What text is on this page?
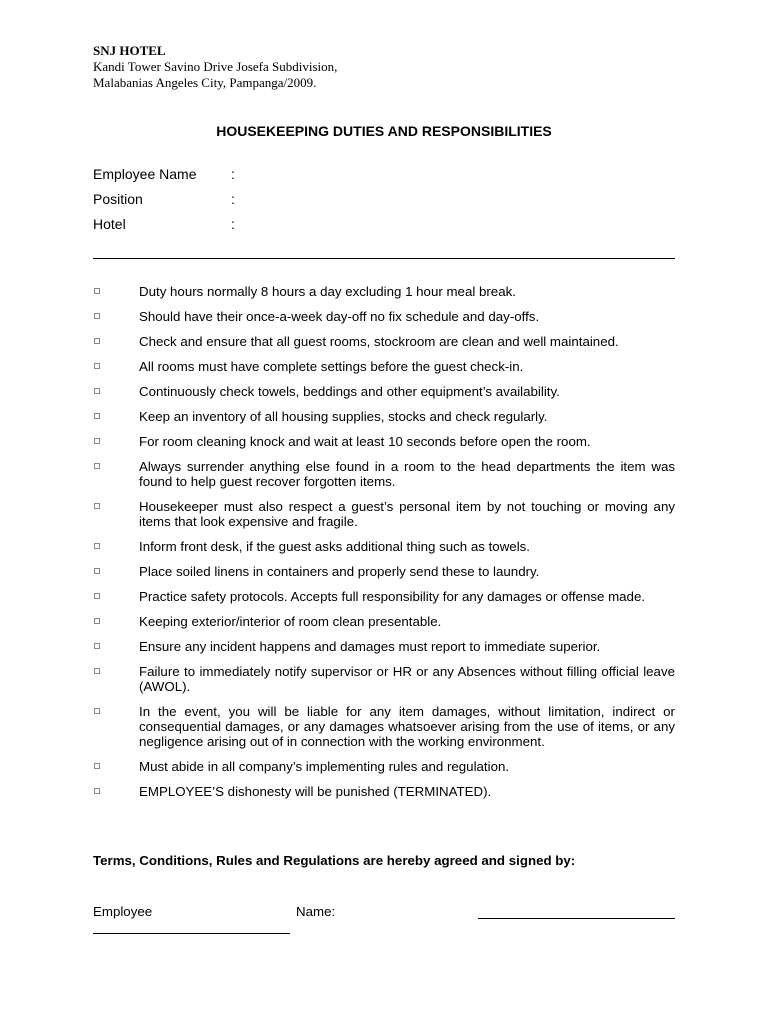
SNJ HOTEL
Kandi Tower Savino Drive Josefa Subdivision,
Malabanias Angeles City, Pampanga/2009.
HOUSEKEEPING DUTIES AND RESPONSIBILITIES
Employee Name :
Position	:
Hotel	:
Duty hours normally 8 hours a day excluding 1 hour meal break.
Should have their once-a-week day-off no fix schedule and day-offs.
Check and ensure that all guest rooms, stockroom are clean and well maintained.
All rooms must have complete settings before the guest check-in.
Continuously check towels, beddings and other equipment’s availability.
Keep an inventory of all housing supplies, stocks and check regularly.
For room cleaning knock and wait at least 10 seconds before open the room.
Always surrender anything else found in a room to the head departments the item was found to help guest recover forgotten items.
Housekeeper must also respect a guest’s personal item by not touching or moving any items that look expensive and fragile.
Inform front desk, if the guest asks additional thing such as towels.
Place soiled linens in containers and properly send these to laundry.
Practice safety protocols. Accepts full responsibility for any damages or offense made.
Keeping exterior/interior of room clean presentable.
Ensure any incident happens and damages must report to immediate superior.
Failure to immediately notify supervisor or HR or any Absences without filling official leave (AWOL).
In the event, you will be liable for any item damages, without limitation, indirect or consequential damages, or any damages whatsoever arising from the use of items, or any negligence arising out of in connection with the working environment.
Must abide in all company’s implementing rules and regulation.
EMPLOYEE’S dishonesty will be punished (TERMINATED).
Terms, Conditions, Rules and Regulations are hereby agreed and signed by:
Employee	Name:
